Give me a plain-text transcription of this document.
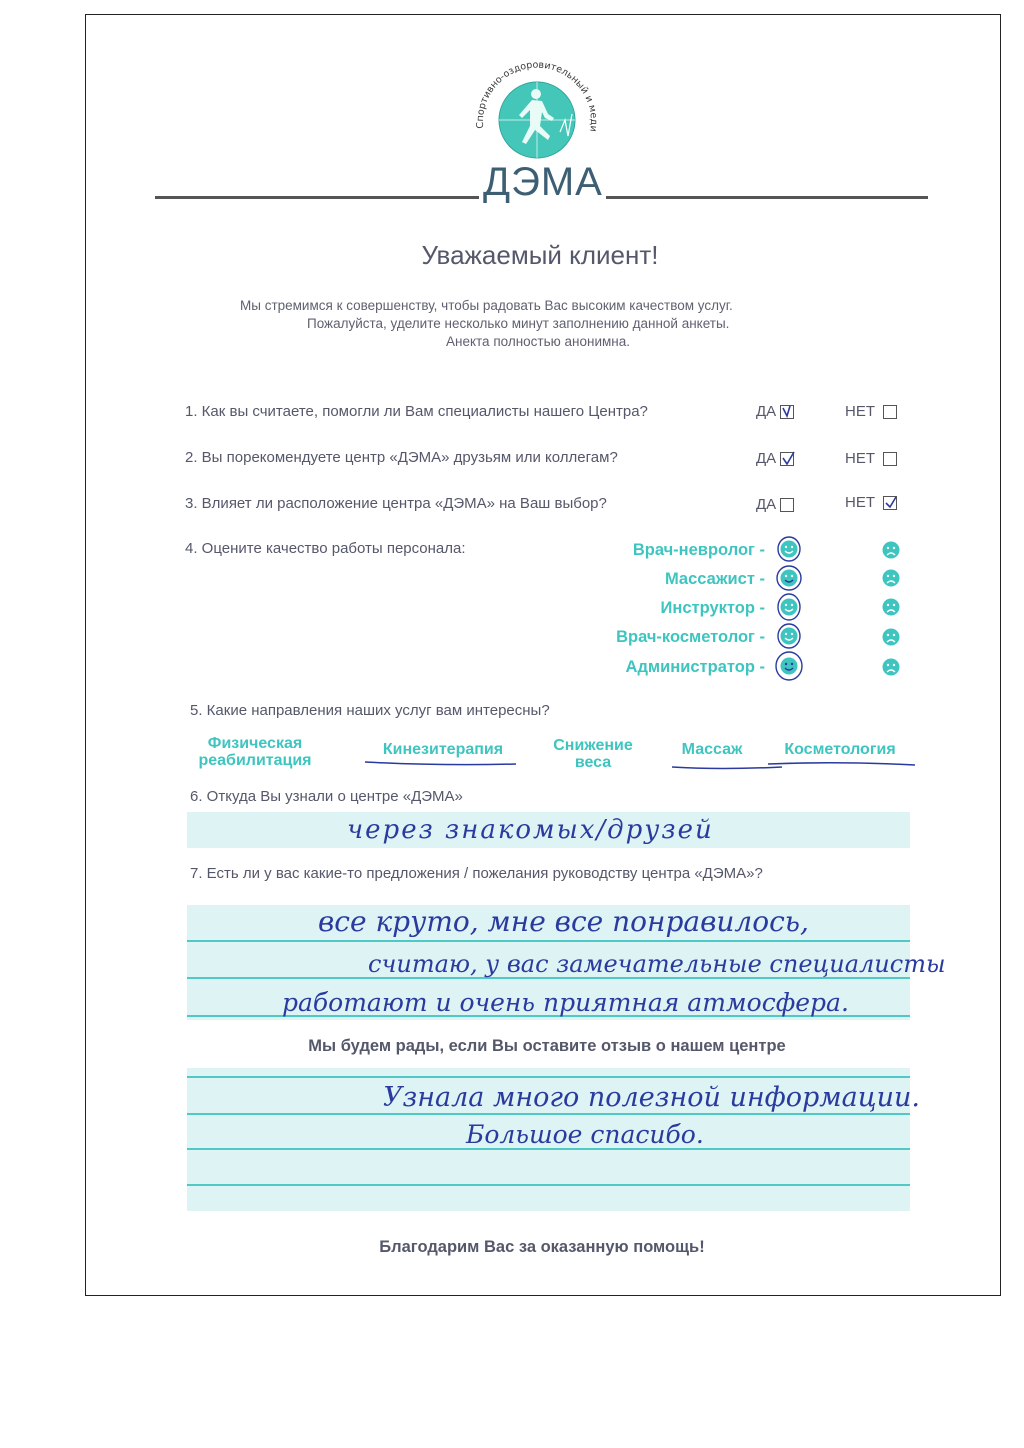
Спортивно-оздоровительный и меди
ДЭМА
Уважаемый клиент!
Мы стремимся к совершенству, чтобы радовать Вас высоким качеством услуг.
Пожалуйста, уделите несколько минут заполнению данной анкеты.
Анекта полностью анонимна.
1. Как вы считаете, помогли ли Вам специалисты нашего Центра?	ДА	НЕТ
2. Вы порекомендуете центр «ДЭМА» друзьям или коллегам?	ДА	НЕТ
3. Влияет ли расположение центра «ДЭМА» на Ваш выбор?	ДА	НЕТ
4. Оцените качество работы персонала:	Врач-невролог -
Массажист -
Инструктор -
Врач-косметолог -
Администратор -
5. Какие направления наших услуг вам интересны?
Физическая реабилитация
Кинезитерапия	Снижение веса
Массаж	Косметология
6. Откуда Вы узнали о центре «ДЭМА»
через знакомых/друзей
7. Есть ли у вас какие-то предложения / пожелания руководству центра «ДЭМА»?
все круто, мне все понравилось,
считаю, у вас замечательные специалисты
работают и очень приятная атмосфера.
Мы будем рады, если Вы оставите отзыв о нашем центре
Узнала много полезной информации.
Большое спасибо.
Благодарим Вас за оказанную помощь!
